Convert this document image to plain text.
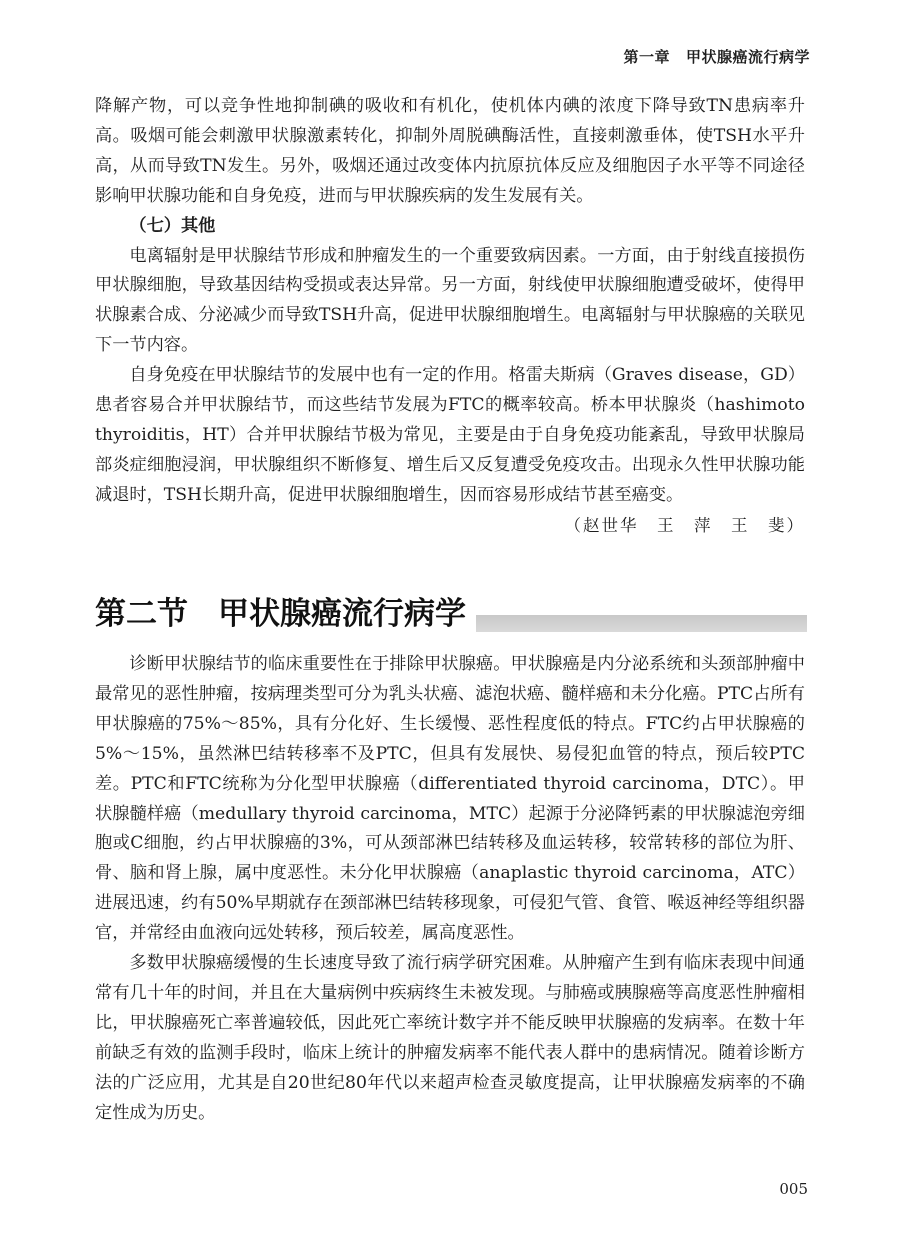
第一章 甲状腺癌流行病学

降解产物，可以竞争性地抑制碘的吸收和有机化，使机体内碘的浓度下降导致TN患病率升高。吸烟可能会刺激甲状腺激素转化，抑制外周脱碘酶活性，直接刺激垂体，使TSH水平升高，从而导致TN发生。另外，吸烟还通过改变体内抗原抗体反应及细胞因子水平等不同途径影响甲状腺功能和自身免疫，进而与甲状腺疾病的发生发展有关。

（七）其他

电离辐射是甲状腺结节形成和肿瘤发生的一个重要致病因素。一方面，由于射线直接损伤甲状腺细胞，导致基因结构受损或表达异常。另一方面，射线使甲状腺细胞遭受破坏，使得甲状腺素合成、分泌减少而导致TSH升高，促进甲状腺细胞增生。电离辐射与甲状腺癌的关联见下一节内容。

自身免疫在甲状腺结节的发展中也有一定的作用。格雷夫斯病（Graves disease，GD）患者容易合并甲状腺结节，而这些结节发展为FTC的概率较高。桥本甲状腺炎（hashimoto thyroiditis，HT）合并甲状腺结节极为常见，主要是由于自身免疫功能紊乱，导致甲状腺局部炎症细胞浸润，甲状腺组织不断修复、增生后又反复遭受免疫攻击。出现永久性甲状腺功能减退时，TSH长期升高，促进甲状腺细胞增生，因而容易形成结节甚至癌变。

（赵世华　王　萍　王　斐）
第二节 甲状腺癌流行病学

诊断甲状腺结节的临床重要性在于排除甲状腺癌。甲状腺癌是内分泌系统和头颈部肿瘤中最常见的恶性肿瘤，按病理类型可分为乳头状癌、滤泡状癌、髓样癌和未分化癌。PTC占所有甲状腺癌的75%～85%，具有分化好、生长缓慢、恶性程度低的特点。FTC约占甲状腺癌的5%～15%，虽然淋巴结转移率不及PTC，但具有发展快、易侵犯血管的特点，预后较PTC差。PTC和FTC统称为分化型甲状腺癌（differentiated thyroid carcinoma，DTC）。甲状腺髓样癌（medullary thyroid carcinoma，MTC）起源于分泌降钙素的甲状腺滤泡旁细胞或C细胞，约占甲状腺癌的3%，可从颈部淋巴结转移及血运转移，较常转移的部位为肝、骨、脑和肾上腺，属中度恶性。未分化甲状腺癌（anaplastic thyroid carcinoma，ATC）进展迅速，约有50%早期就存在颈部淋巴结转移现象，可侵犯气管、食管、喉返神经等组织器官，并常经由血液向远处转移，预后较差，属高度恶性。

多数甲状腺癌缓慢的生长速度导致了流行病学研究困难。从肿瘤产生到有临床表现中间通常有几十年的时间，并且在大量病例中疾病终生未被发现。与肺癌或胰腺癌等高度恶性肿瘤相比，甲状腺癌死亡率普遍较低，因此死亡率统计数字并不能反映甲状腺癌的发病率。在数十年前缺乏有效的监测手段时，临床上统计的肿瘤发病率不能代表人群中的患病情况。随着诊断方法的广泛应用，尤其是自20世纪80年代以来超声检查灵敏度提高，让甲状腺癌发病率的不确定性成为历史。

005
